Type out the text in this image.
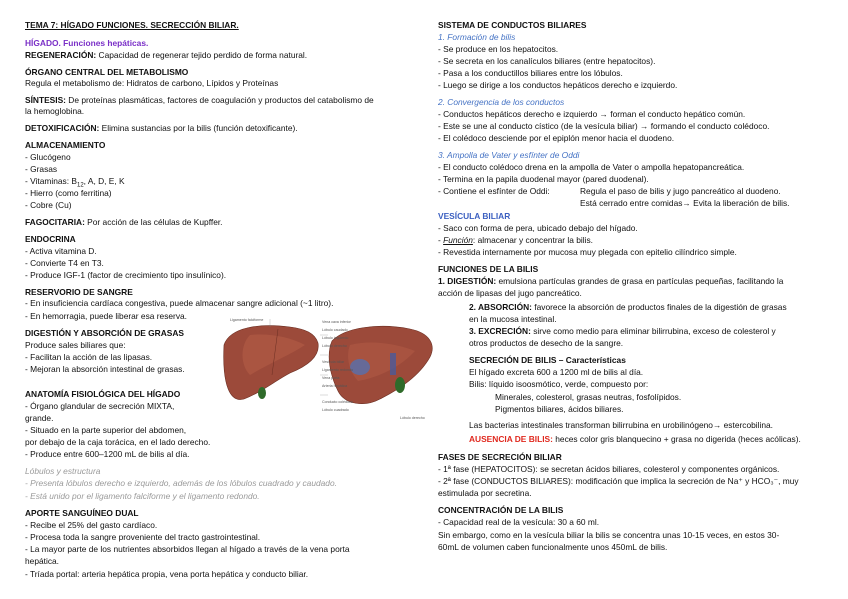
TEMA 7: HÍGADO FUNCIONES. SECRECCIÓN BILIAR.
HÍGADO. Funciones hepáticas.
REGENERACIÓN: Capacidad de regenerar tejido perdido de forma natural.
ÓRGANO CENTRAL DEL METABOLISMO
Regula el metabolismo de: Hidratos de carbono, Lípidos y Proteínas
SÍNTESIS: De proteínas plasmáticas, factores de coagulación y productos del catabolismo de
la hemoglobina.
DETOXIFICACIÓN: Elimina sustancias por la bilis (función detoxificante).
ALMACENAMIENTO
- Glucógeno
- Grasas
- Vitaminas: $B_{12}$, A, D, E, K
- Hierro (como ferritina)
- Cobre (Cu)
FAGOCITARIA: Por acción de las células de Kupffer.
ENDOCRINA
- Activa vitamina D.
- Convierte T4 en T3.
- Produce IGF-1 (factor de crecimiento tipo insulínico).
RESERVORIO DE SANGRE
- En insuficiencia cardíaca congestiva, puede almacenar sangre adicional (~1 litro).
- En hemorragia, puede liberar esa reserva.
DIGESTIÓN Y ABSORCIÓN DE GRASAS
Produce sales biliares que:
- Facilitan la acción de las lipasas.
- Mejoran la absorción intestinal de grasas.
ANATOMÍA FISIOLÓGICA DEL HÍGADO
- Órgano glandular de secreción MIXTA,
grande.
- Situado en la parte superior del abdomen,
por debajo de la caja torácica, en el lado derecho.
- Produce entre 600–1200 mL de bilis al día.
Lóbulos y estructura
- Presenta lóbulos derecho e izquierdo, además de los lóbulos cuadrado y caudado.
- Está unido por el ligamento falciforme y el ligamento redondo.
APORTE SANGUÍNEO DUAL
- Recibe el 25% del gasto cardíaco.
- Procesa toda la sangre proveniente del tracto gastrointestinal.
- La mayor parte de los nutrientes absorbidos llegan al hígado a través de la vena porta
hepática.
- Tríada portal: arteria hepática propia, vena porta hepática y conducto biliar.
Ligamento falciforme	Vena cava inferior
Lóbulo caudado
Lóbulo izquierdo
Lóbulo derecho
Vesícula biliar
Ligamento redondo
Vena porta
Arteria hepática
Conducto colédoco
Lóbulo cuadrado
Lóbulo derecho
SISTEMA DE CONDUCTOS BILIARES
1. Formación de bilis
- Se produce en los hepatocitos.
- Se secreta en los canalículos biliares (entre hepatocitos).
- Pasa a los conductillos biliares entre los lóbulos.
- Luego se dirige a los conductos hepáticos derecho e izquierdo.
2. Convergencia de los conductos
- Conductos hepáticos derecho e izquierdo → forman el conducto hepático común.
- Este se une al conducto cístico (de la vesícula biliar) → formando el conducto colédoco.
- El colédoco desciende por el epiplón menor hacia el duodeno.
3. Ampolla de Vater y esfínter de Oddi
- El conducto colédoco drena en la ampolla de Vater o ampolla hepatopancreática.
- Termina en la papila duodenal mayor (pared duodenal).
- Contiene el esfínter de Oddi:	Regula el paso de bilis y jugo pancreático al duodeno.
Está cerrado entre comidas→ Evita la liberación de bilis.
VESÍCULA BILIAR
- Saco con forma de pera, ubicado debajo del hígado.
- Función: almacenar y concentrar la bilis.
- Revestida internamente por mucosa muy plegada con epitelio cilíndrico simple.
FUNCIONES DE LA BILIS
1. DIGESTIÓN: emulsiona partículas grandes de grasa en partículas pequeñas, facilitando la
acción de lipasas del jugo pancreático.
2. ABSORCIÓN: favorece la absorción de productos finales de la digestión de grasas
en la mucosa intestinal.
3. EXCRECIÓN: sirve como medio para eliminar bilirrubina, exceso de colesterol y
otros productos de desecho de la sangre.
SECRECIÓN DE BILIS – Características
El hígado excreta 600 a 1200 ml de bilis al día.
Bilis: líquido isoosmótico, verde, compuesto por:
Minerales, colesterol, grasas neutras, fosfolípidos.
Pigmentos biliares, ácidos biliares.
Las bacterias intestinales transforman bilirrubina en urobilinógeno→ estercobilina.
AUSENCIA DE BILIS: heces color gris blanquecino + grasa no digerida (heces acólicas).
FASES DE SECRECIÓN BILIAR
- 1ª fase (HEPATOCITOS): se secretan ácidos biliares, colesterol y componentes orgánicos.
- 2ª fase (CONDUCTOS BILIARES): modificación que implica la secreción de Na⁺ y HCO₃⁻, muy
estimulada por secretina.
CONCENTRACIÓN DE LA BILIS
- Capacidad real de la vesícula: 30 a 60 ml.
Sin embargo, como en la vesícula biliar la bilis se concentra unas 10-15 veces, en estos 30-
60mL de volumen caben funcionalmente unos 450mL de bilis.
